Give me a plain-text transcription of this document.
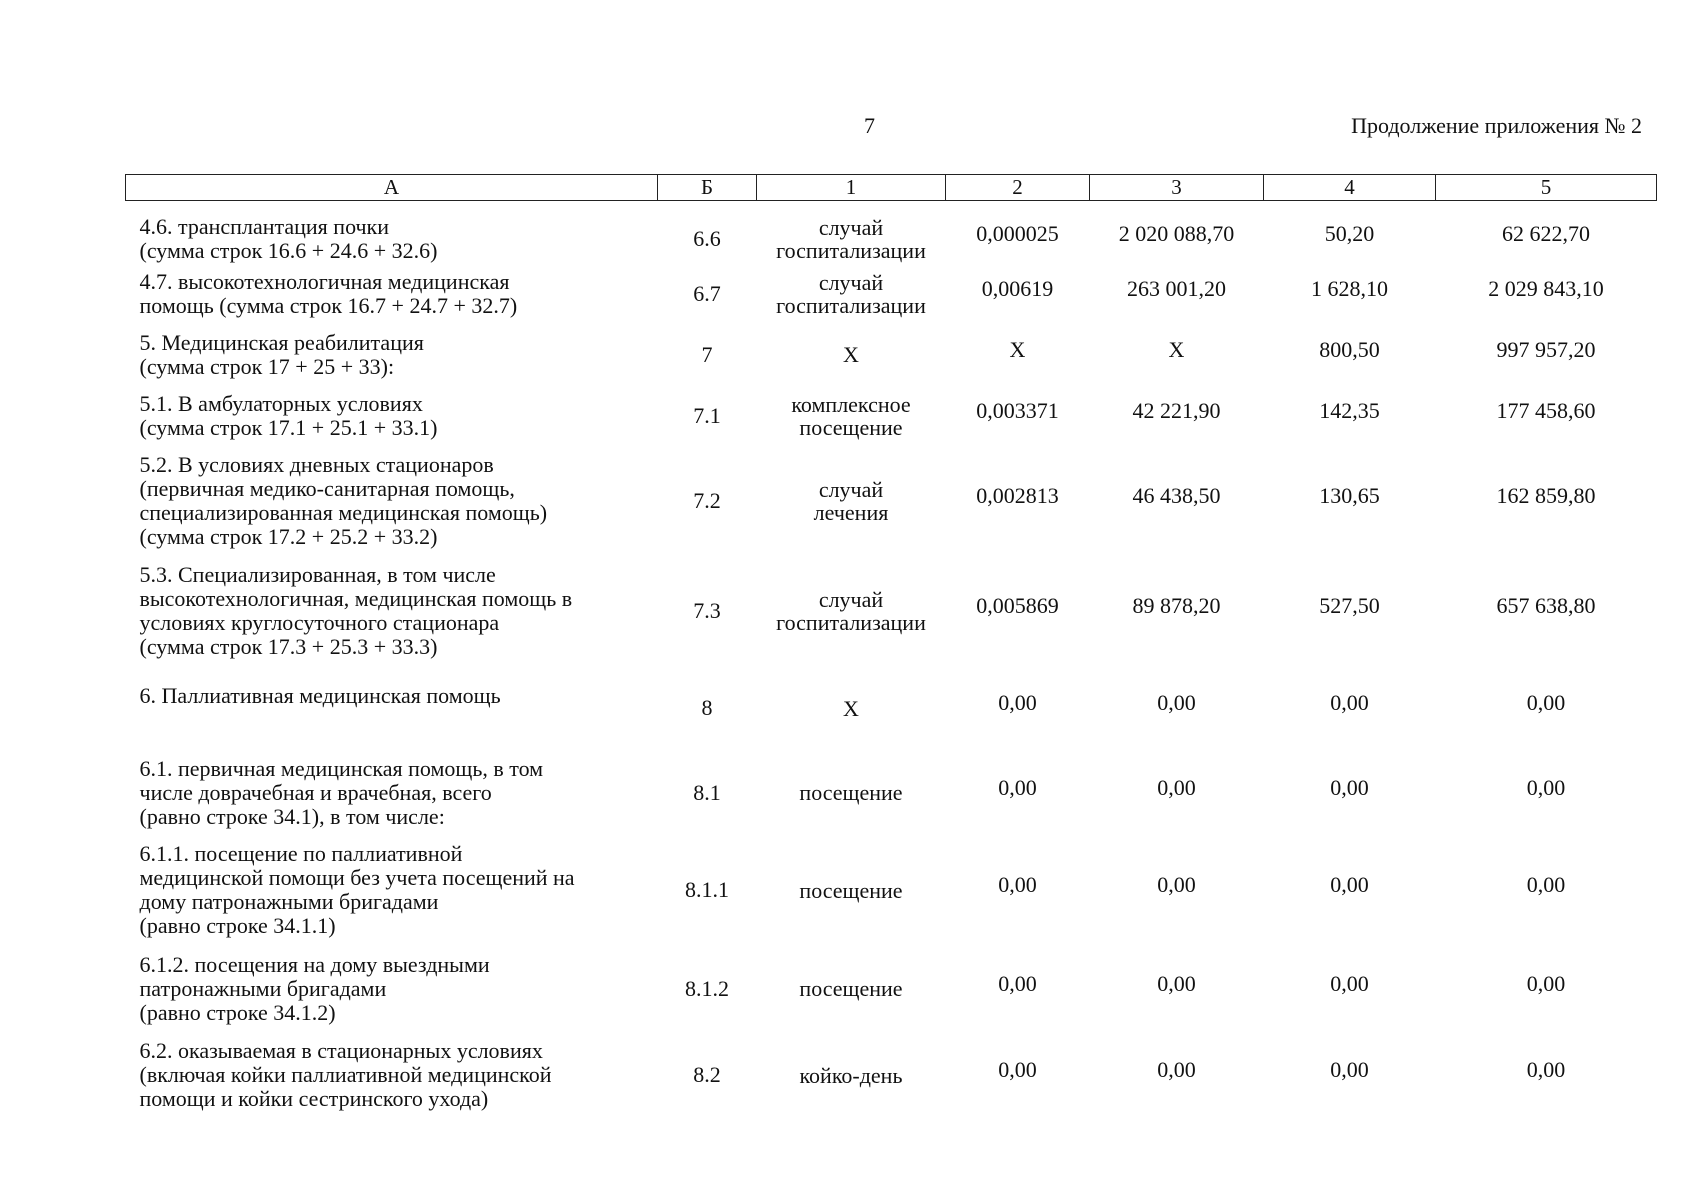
7	Продолжение приложения № 2
А	Б	1	2	3	4	5
4.6. трансплантация почки
(сумма строк 16.6 + 24.6 + 32.6)	6.6	случай
госпитализации	0,000025	2 020 088,70	50,20	62 622,70
4.7. высокотехнологичная медицинская
помощь (сумма строк 16.7 + 24.7 + 32.7)	6.7	случай
госпитализации	0,00619	263 001,20	1 628,10	2 029 843,10
5. Медицинская реабилитация
(сумма строк 17 + 25 + 33):	7	Х	Х	Х	800,50	997 957,20
5.1. В амбулаторных условиях
(сумма строк 17.1 + 25.1 + 33.1)	7.1	комплексное
посещение	0,003371	42 221,90	142,35	177 458,60
5.2. В условиях дневных стационаров
(первичная медико-санитарная помощь,
специализированная медицинская помощь)
(сумма строк 17.2 + 25.2 + 33.2)	7.2	случай
лечения	0,002813	46 438,50	130,65	162 859,80
5.3. Специализированная, в том числе
высокотехнологичная, медицинская помощь в
условиях круглосуточного стационара
(сумма строк 17.3 + 25.3 + 33.3)	7.3	случай
госпитализации	0,005869	89 878,20	527,50	657 638,80
6. Паллиативная медицинская помощь	8	Х	0,00	0,00	0,00	0,00
6.1. первичная медицинская помощь, в том
числе доврачебная и врачебная, всего
(равно строке 34.1), в том числе:	8.1	посещение	0,00	0,00	0,00	0,00
6.1.1. посещение по паллиативной
медицинской помощи без учета посещений на
дому патронажными бригадами
(равно строке 34.1.1)	8.1.1	посещение	0,00	0,00	0,00	0,00
6.1.2. посещения на дому выездными
патронажными бригадами
(равно строке 34.1.2)	8.1.2	посещение	0,00	0,00	0,00	0,00
6.2. оказываемая в стационарных условиях
(включая койки паллиативной медицинской
помощи и койки сестринского ухода)	8.2	койко-день	0,00	0,00	0,00	0,00
